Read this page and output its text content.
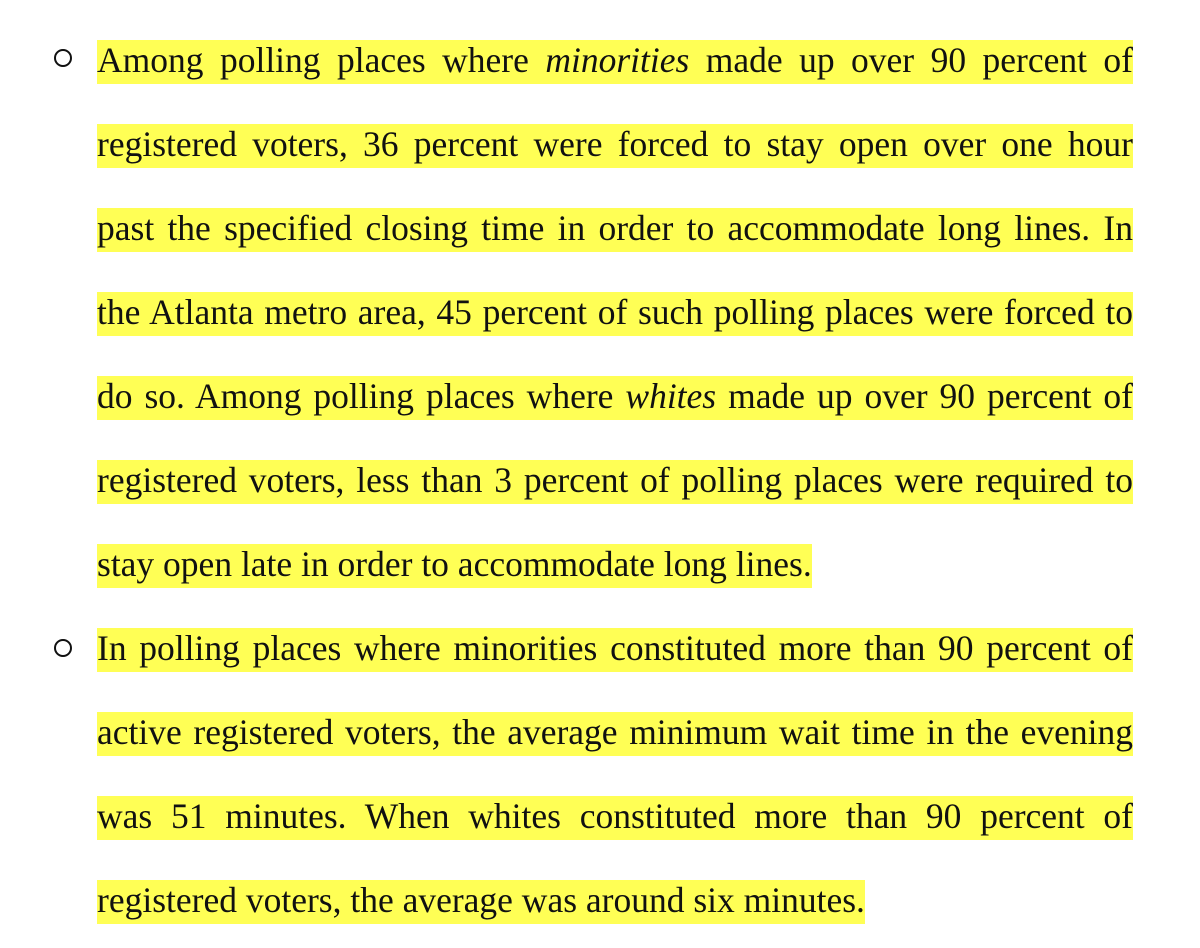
Among polling places where minorities made up over 90 percent of
registered voters, 36 percent were forced to stay open over one hour
past the specified closing time in order to accommodate long lines. In
the Atlanta metro area, 45 percent of such polling places were forced to
do so. Among polling places where whites made up over 90 percent of
registered voters, less than 3 percent of polling places were required to
stay open late in order to accommodate long lines.
In polling places where minorities constituted more than 90 percent of
active registered voters, the average minimum wait time in the evening
was 51 minutes. When whites constituted more than 90 percent of
registered voters, the average was around six minutes.
